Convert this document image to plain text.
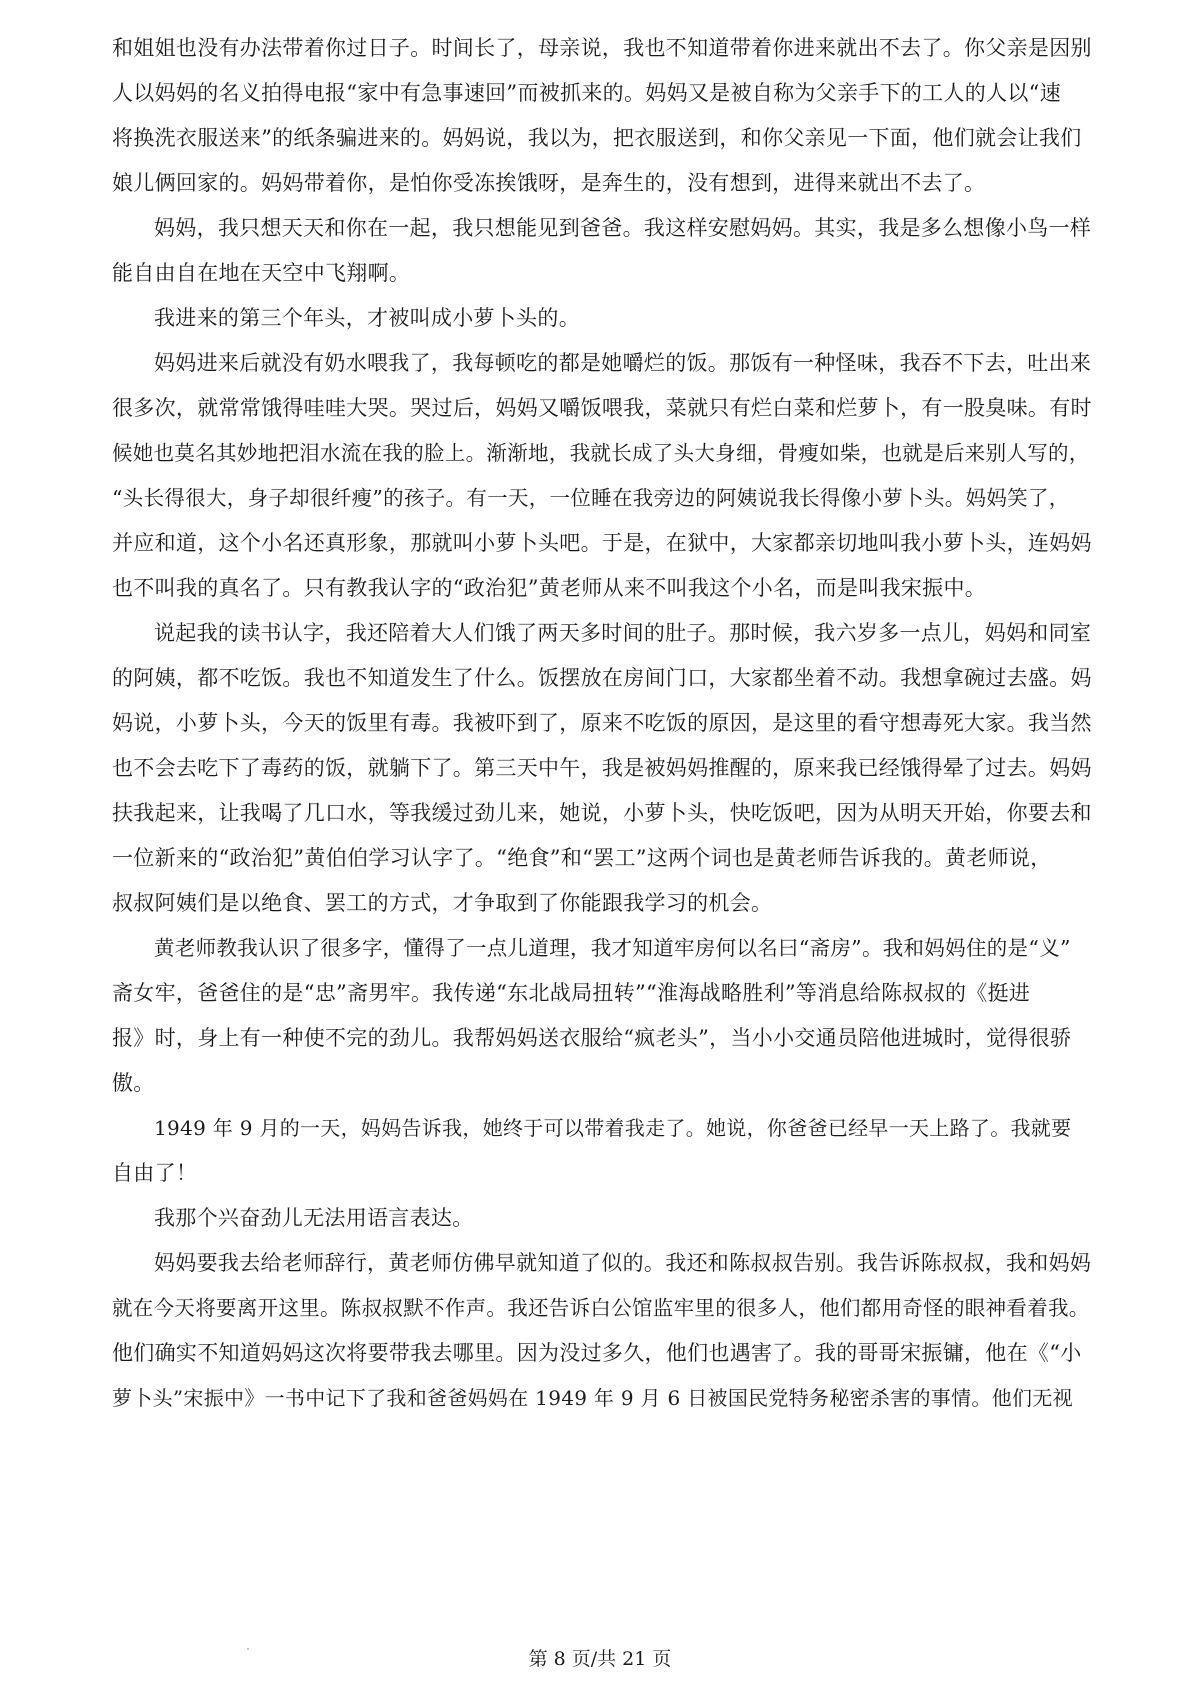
和姐姐也没有办法带着你过日子。时间长了，母亲说，我也不知道带着你进来就出不去了。你父亲是因别
人以妈妈的名义拍得电报“家中有急事速回”而被抓来的。妈妈又是被自称为父亲手下的工人的人以“速
将换洗衣服送来”的纸条骗进来的。妈妈说，我以为，把衣服送到，和你父亲见一下面，他们就会让我们
娘儿俩回家的。妈妈带着你，是怕你受冻挨饿呀，是奔生的，没有想到，进得来就出不去了。
妈妈，我只想天天和你在一起，我只想能见到爸爸。我这样安慰妈妈。其实，我是多么想像小鸟一样
能自由自在地在天空中飞翔啊。
我进来的第三个年头，才被叫成小萝卜头的。
妈妈进来后就没有奶水喂我了，我每顿吃的都是她嚼烂的饭。那饭有一种怪味，我吞不下去，吐出来
很多次，就常常饿得哇哇大哭。哭过后，妈妈又嚼饭喂我，菜就只有烂白菜和烂萝卜，有一股臭味。有时
候她也莫名其妙地把泪水流在我的脸上。渐渐地，我就长成了头大身细，骨瘦如柴，也就是后来别人写的，
“头长得很大，身子却很纤瘦”的孩子。有一天，一位睡在我旁边的阿姨说我长得像小萝卜头。妈妈笑了，
并应和道，这个小名还真形象，那就叫小萝卜头吧。于是，在狱中，大家都亲切地叫我小萝卜头，连妈妈
也不叫我的真名了。只有教我认字的“政治犯”黄老师从来不叫我这个小名，而是叫我宋振中。
说起我的读书认字，我还陪着大人们饿了两天多时间的肚子。那时候，我六岁多一点儿，妈妈和同室
的阿姨，都不吃饭。我也不知道发生了什么。饭摆放在房间门口，大家都坐着不动。我想拿碗过去盛。妈
妈说，小萝卜头，今天的饭里有毒。我被吓到了，原来不吃饭的原因，是这里的看守想毒死大家。我当然
也不会去吃下了毒药的饭，就躺下了。第三天中午，我是被妈妈推醒的，原来我已经饿得晕了过去。妈妈
扶我起来，让我喝了几口水，等我缓过劲儿来，她说，小萝卜头，快吃饭吧，因为从明天开始，你要去和
一位新来的“政治犯”黄伯伯学习认字了。“绝食”和“罢工”这两个词也是黄老师告诉我的。黄老师说，
叔叔阿姨们是以绝食、罢工的方式，才争取到了你能跟我学习的机会。
黄老师教我认识了很多字，懂得了一点儿道理，我才知道牢房何以名曰“斋房”。我和妈妈住的是“义”
斋女牢，爸爸住的是“忠”斋男牢。我传递“东北战局扭转”“淮海战略胜利”等消息给陈叔叔的《挺进
报》时，身上有一种使不完的劲儿。我帮妈妈送衣服给“疯老头”，当小小交通员陪他进城时，觉得很骄
傲。
1949 年 9 月的一天，妈妈告诉我，她终于可以带着我走了。她说，你爸爸已经早一天上路了。我就要
自由了！
我那个兴奋劲儿无法用语言表达。
妈妈要我去给老师辞行，黄老师仿佛早就知道了似的。我还和陈叔叔告别。我告诉陈叔叔，我和妈妈
就在今天将要离开这里。陈叔叔默不作声。我还告诉白公馆监牢里的很多人，他们都用奇怪的眼神看着我。
他们确实不知道妈妈这次将要带我去哪里。因为没过多久，他们也遇害了。我的哥哥宋振镛，他在《“小
萝卜头”宋振中》一书中记下了我和爸爸妈妈在 1949 年 9 月 6 日被国民党特务秘密杀害的事情。他们无视
第 8 页/共 21 页
